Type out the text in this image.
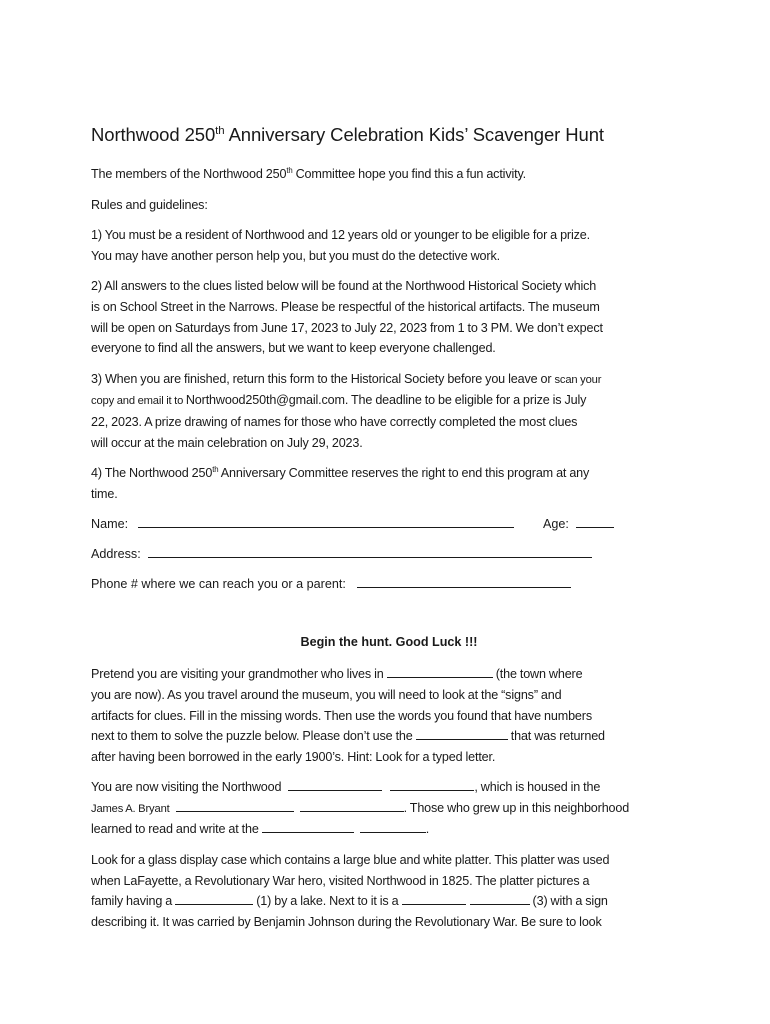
Northwood 250th Anniversary Celebration Kids’ Scavenger Hunt

The members of the Northwood 250th Committee hope you find this a fun activity.

Rules and guidelines:

1) You must be a resident of Northwood and 12 years old or younger to be eligible for a prize.
You may have another person help you, but you must do the detective work.

2) All answers to the clues listed below will be found at the Northwood Historical Society which
is on School Street in the Narrows. Please be respectful of the historical artifacts. The museum
will be open on Saturdays from June 17, 2023 to July 22, 2023 from 1 to 3 PM. We don’t expect
everyone to find all the answers, but we want to keep everyone challenged.

3) When you are finished, return this form to the Historical Society before you leave or scan your
copy and email it to Northwood250th@gmail.com. The deadline to be eligible for a prize is July
22, 2023. A prize drawing of names for those who have correctly completed the most clues
will occur at the main celebration on July 29, 2023.

4) The Northwood 250th Anniversary Committee reserves the right to end this program at any
time.

Name:	Age:
Address:
Phone # where we can reach you or a parent:
Begin the hunt. Good Luck !!!

Pretend you are visiting your grandmother who lives in	(the town where
you are now). As you travel around the museum, you will need to look at the “signs” and
artifacts for clues. Fill in the missing words. Then use the words you found that have numbers
next to them to solve the puzzle below. Please don’t use the	that was returned
after having been borrowed in the early 1900’s. Hint: Look for a typed letter.

You are now visiting the Northwood	, which is housed in the
James A. Bryant	. Those who grew up in this neighborhood
learned to read and write at the	.

Look for a glass display case which contains a large blue and white platter. This platter was used
when LaFayette, a Revolutionary War hero, visited Northwood in 1825. The platter pictures a
family having a	(1) by a lake. Next to it is a	(3) with a sign
describing it. It was carried by Benjamin Johnson during the Revolutionary War. Be sure to look
